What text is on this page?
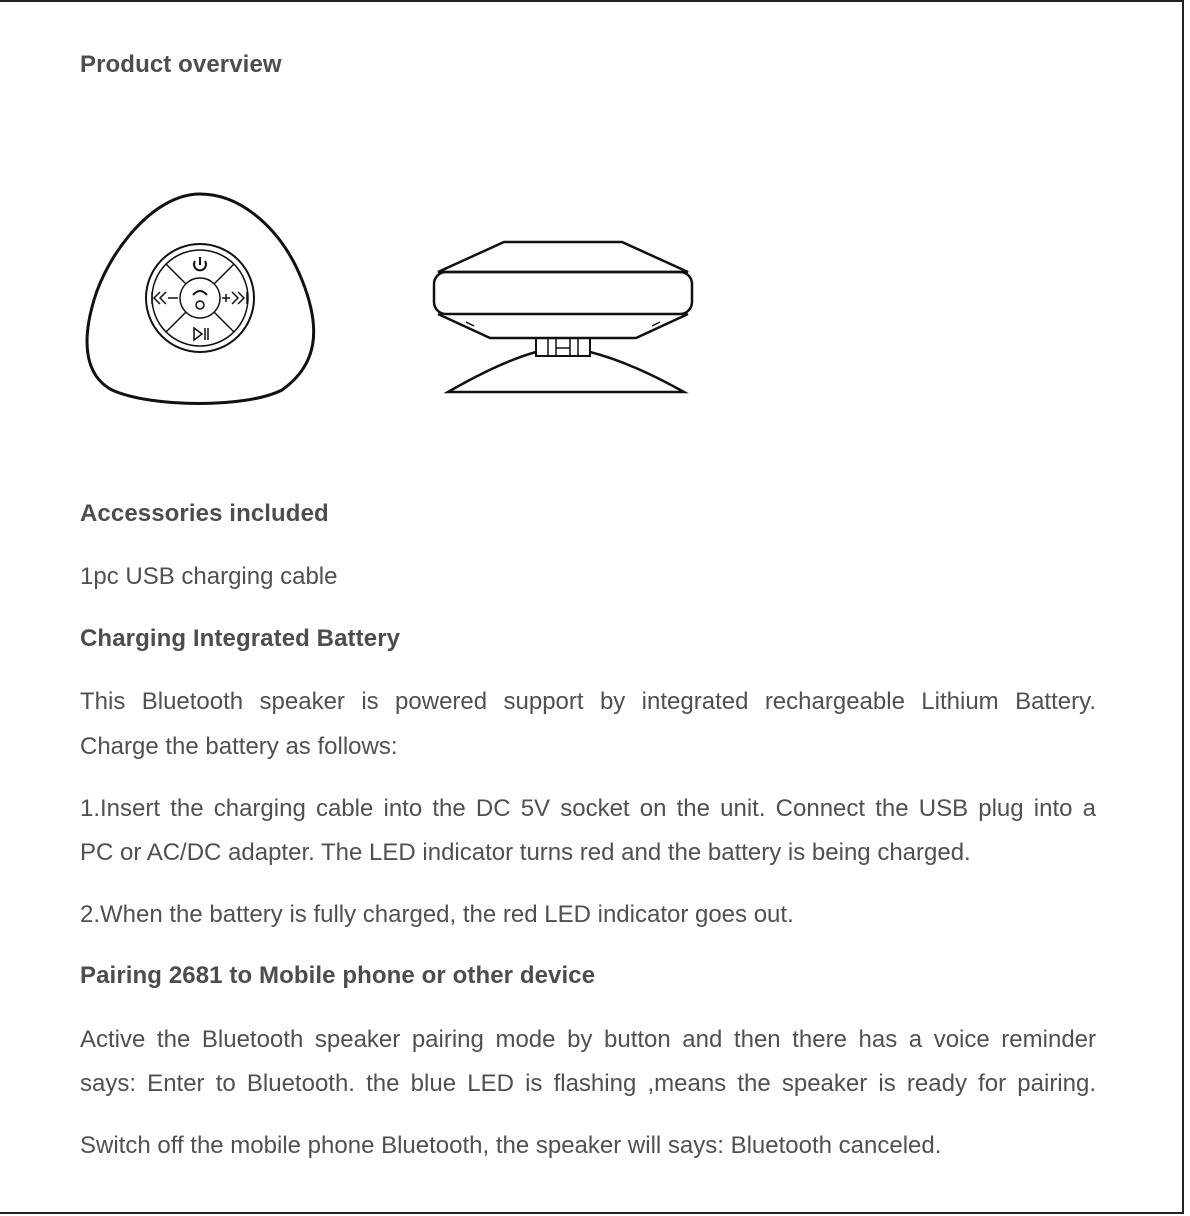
Product overview
Accessories included

1pc USB charging cable

Charging Integrated Battery

This Bluetooth speaker is powered support by integrated rechargeable Lithium Battery.

Charge the battery as follows:

1.Insert the charging cable into the DC 5V socket on the unit. Connect the USB plug into a

PC or AC/DC adapter. The LED indicator turns red and the battery is being charged.

2.When the battery is fully charged, the red LED indicator goes out.

Pairing 2681 to Mobile phone or other device

Active the Bluetooth speaker pairing mode by button and then there has a voice reminder

says: Enter to Bluetooth. the blue LED is flashing ,means the speaker is ready for pairing.

Switch off the mobile phone Bluetooth, the speaker will says: Bluetooth canceled.
